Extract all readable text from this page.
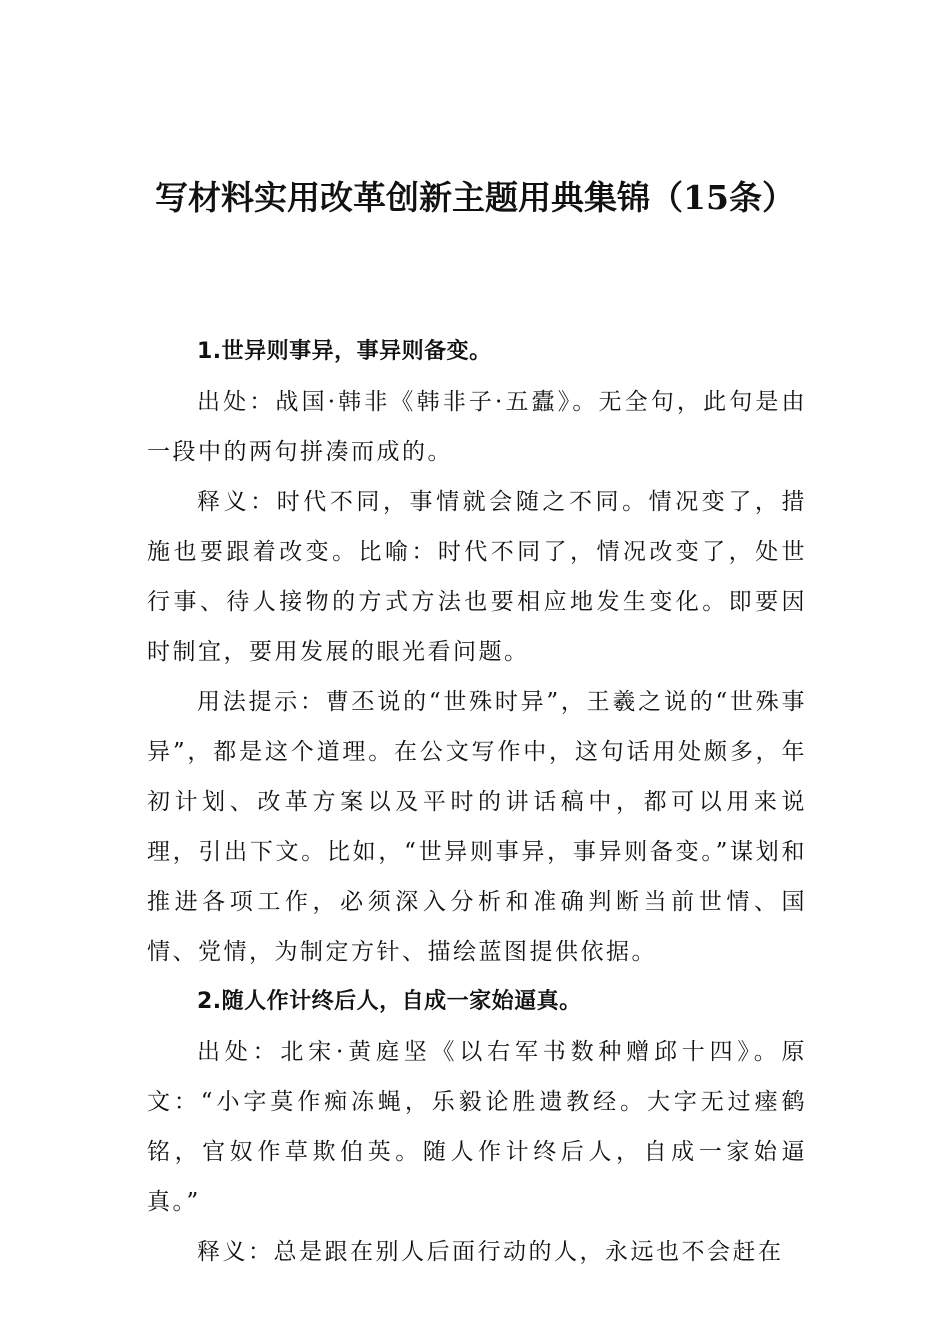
写材料实用改革创新主题用典集锦（15条）

1.世异则事异，事异则备变。

出处：战国·韩非《韩非子·五蠹》。无全句，此句是由一段中的两句拼凑而成的。

释义：时代不同，事情就会随之不同。情况变了，措施也要跟着改变。比喻：时代不同了，情况改变了，处世行事、待人接物的方式方法也要相应地发生变化。即要因时制宜，要用发展的眼光看问题。

用法提示：曹丕说的“世殊时异”，王羲之说的“世殊事异”，都是这个道理。在公文写作中，这句话用处颇多，年初计划、改革方案以及平时的讲话稿中，都可以用来说理，引出下文。比如，“世异则事异，事异则备变。”谋划和推进各项工作，必须深入分析和准确判断当前世情、国情、党情，为制定方针、描绘蓝图提供依据。

2.随人作计终后人，自成一家始逼真。

出处：北宋·黄庭坚《以右军书数种赠邱十四》。原文：“小字莫作痴冻蝇，乐毅论胜遗教经。大字无过瘗鹤铭，官奴作草欺伯英。随人作计终后人，自成一家始逼真。”

释义：总是跟在别人后面行动的人，永远也不会赶在
